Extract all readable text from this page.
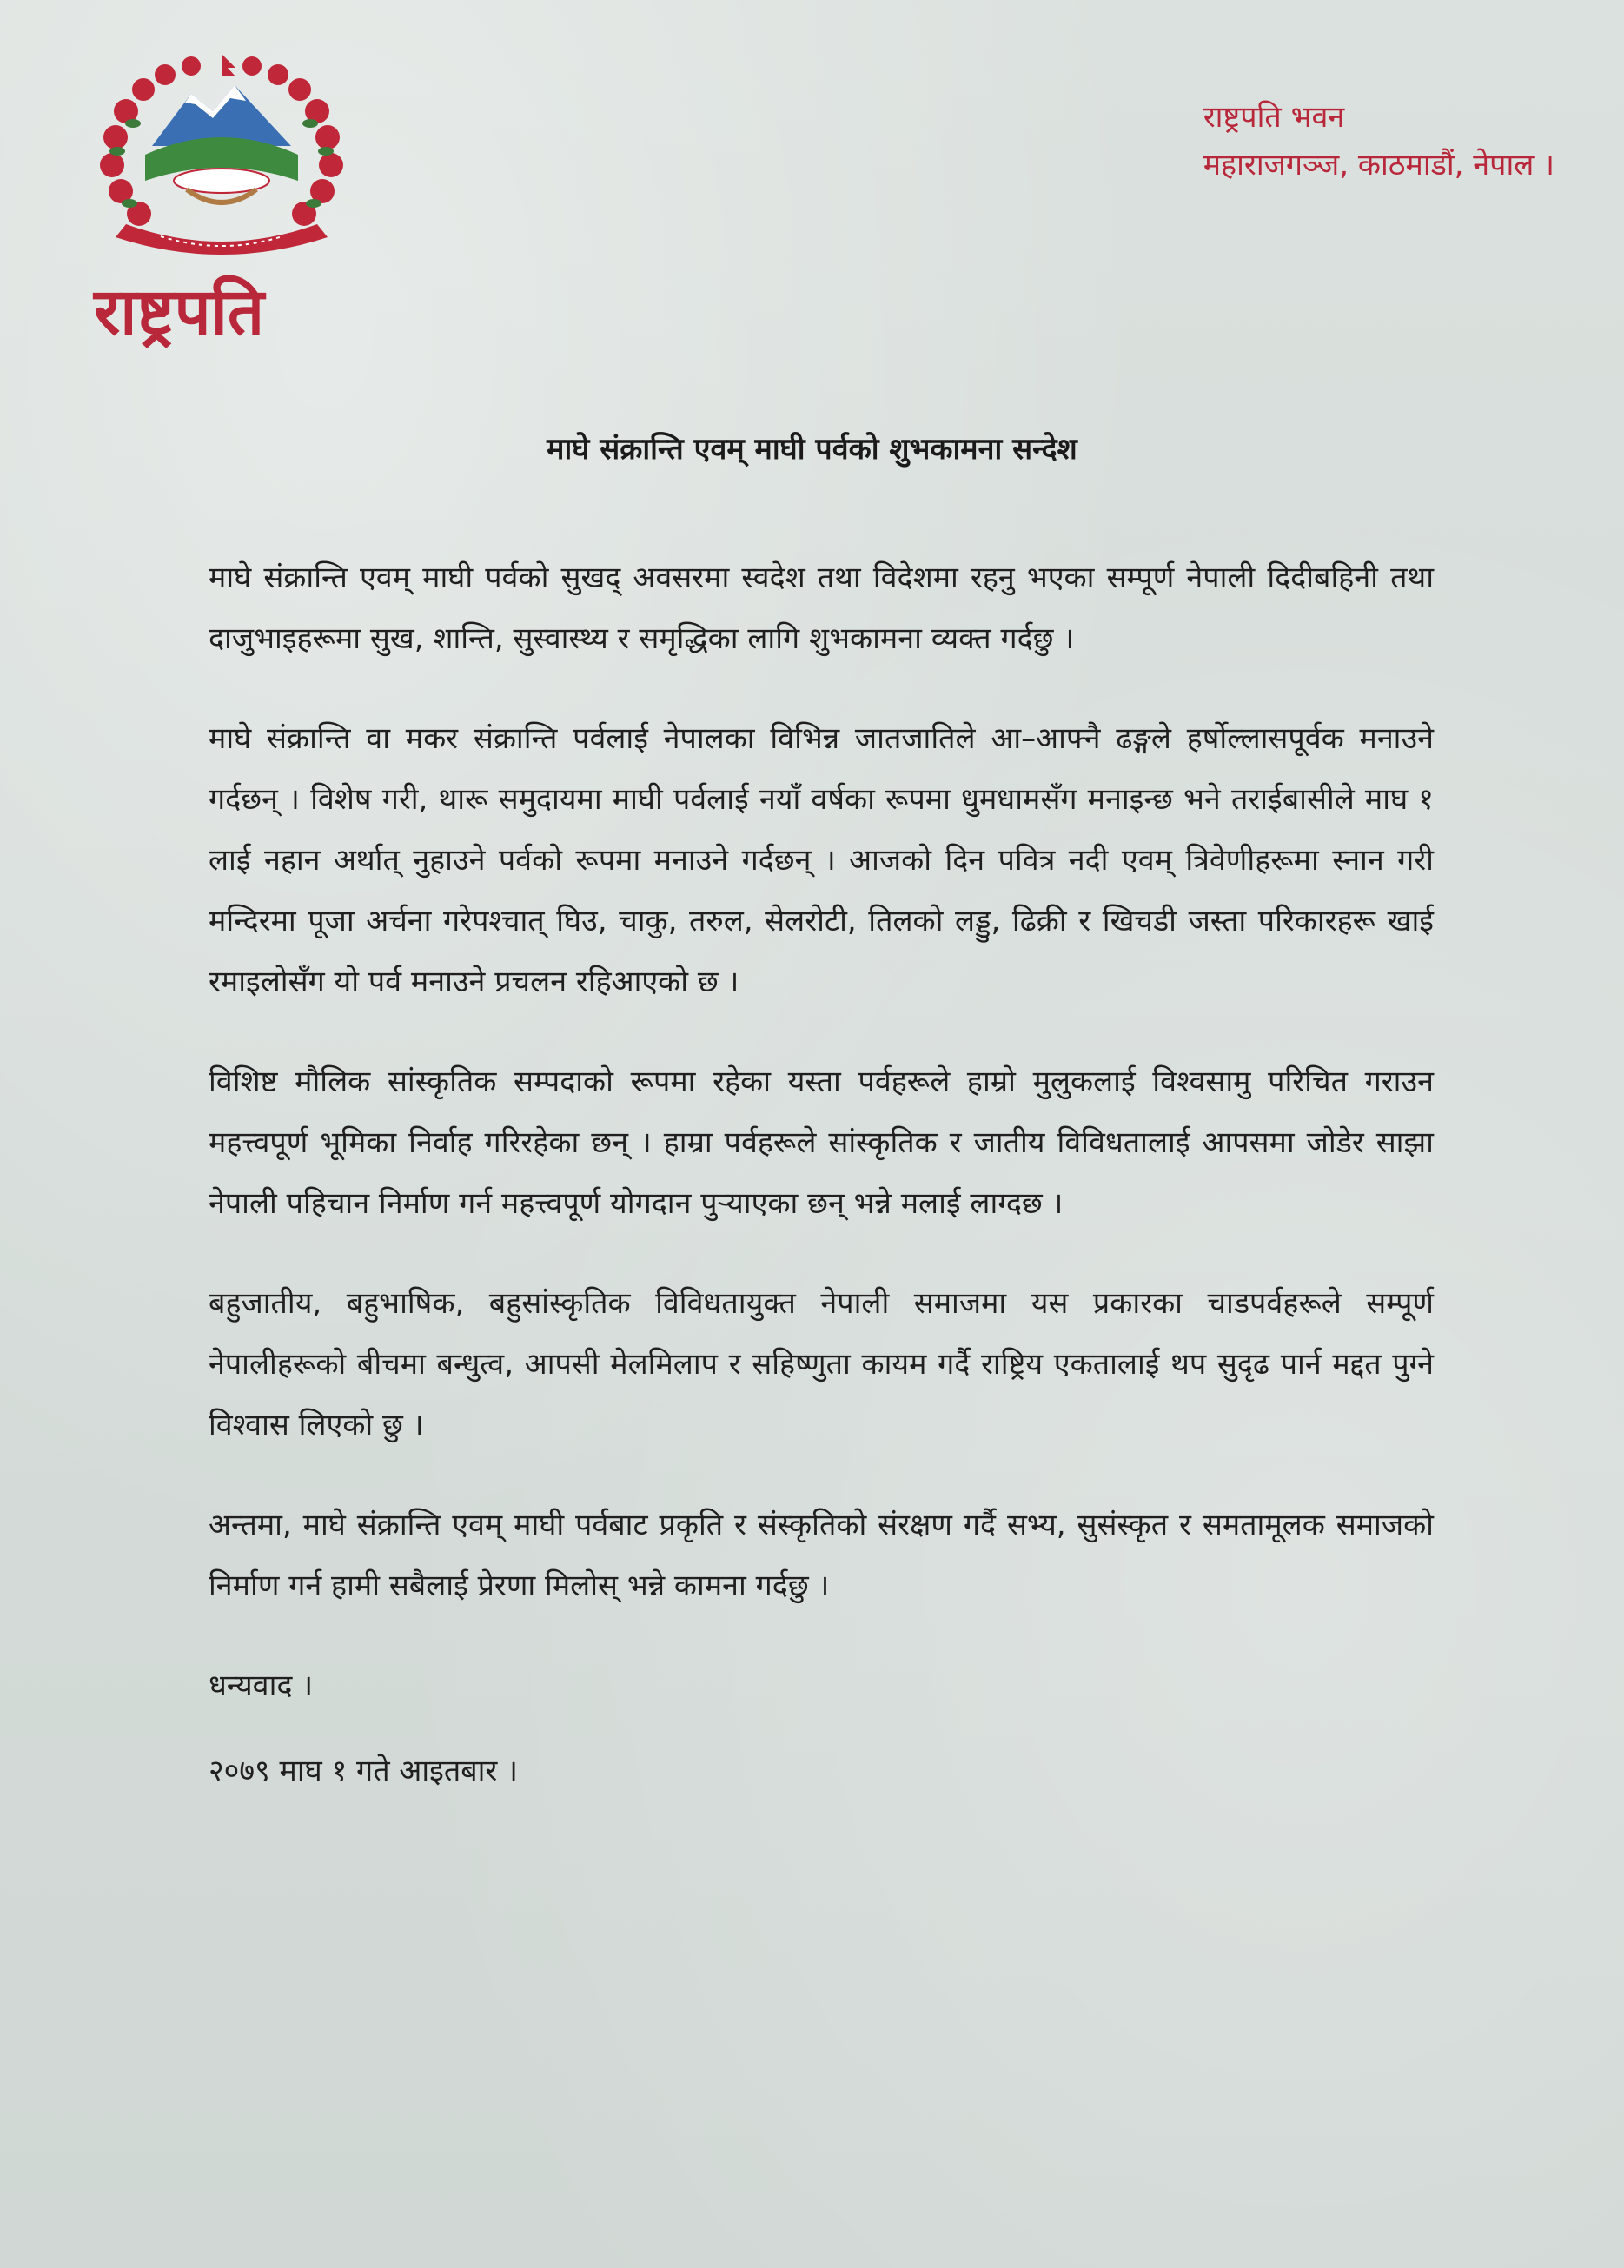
राष्ट्रपति
राष्ट्रपति भवन
महाराजगञ्ज, काठमाडौं, नेपाल ।
माघे संक्रान्ति एवम् माघी पर्वको शुभकामना सन्देश

माघे संक्रान्ति एवम् माघी पर्वको सुखद् अवसरमा स्वदेश तथा विदेशमा रहनु भएका सम्पूर्ण नेपाली दिदीबहिनी तथा दाजुभाइहरूमा सुख, शान्ति, सुस्वास्थ्य र समृद्धिका लागि शुभकामना व्यक्त गर्दछु ।

माघे संक्रान्ति वा मकर संक्रान्ति पर्वलाई नेपालका विभिन्न जातजातिले आ–आफ्नै ढङ्गले हर्षोल्लासपूर्वक मनाउने गर्दछन् । विशेष गरी, थारू समुदायमा माघी पर्वलाई नयाँ वर्षका रूपमा धुमधामसँग मनाइन्छ भने तराईबासीले माघ १ लाई नहान अर्थात् नुहाउने पर्वको रूपमा मनाउने गर्दछन् । आजको दिन पवित्र नदी एवम् त्रिवेणीहरूमा स्नान गरी मन्दिरमा पूजा अर्चना गरेपश्चात् घिउ, चाकु, तरुल, सेलरोटी, तिलको लड्डु, ढिक्री र खिचडी जस्ता परिकारहरू खाई रमाइलोसँग यो पर्व मनाउने प्रचलन रहिआएको छ ।

विशिष्ट मौलिक सांस्कृतिक सम्पदाको रूपमा रहेका यस्ता पर्वहरूले हाम्रो मुलुकलाई विश्वसामु परिचित गराउन महत्त्वपूर्ण भूमिका निर्वाह गरिरहेका छन् । हाम्रा पर्वहरूले सांस्कृतिक र जातीय विविधतालाई आपसमा जोडेर साझा नेपाली पहिचान निर्माण गर्न महत्त्वपूर्ण योगदान पुऱ्याएका छन् भन्ने मलाई लाग्दछ ।

बहुजातीय, बहुभाषिक, बहुसांस्कृतिक विविधतायुक्त नेपाली समाजमा यस प्रकारका चाडपर्वहरूले सम्पूर्ण नेपालीहरूको बीचमा बन्धुत्व, आपसी मेलमिलाप र सहिष्णुता कायम गर्दै राष्ट्रिय एकतालाई थप सुदृढ पार्न मद्दत पुग्ने विश्वास लिएको छु ।

अन्तमा, माघे संक्रान्ति एवम् माघी पर्वबाट प्रकृति र संस्कृतिको संरक्षण गर्दै सभ्य, सुसंस्कृत र समतामूलक समाजको निर्माण गर्न हामी सबैलाई प्रेरणा मिलोस् भन्ने कामना गर्दछु ।

धन्यवाद ।

२०७९ माघ १ गते आइतबार ।
